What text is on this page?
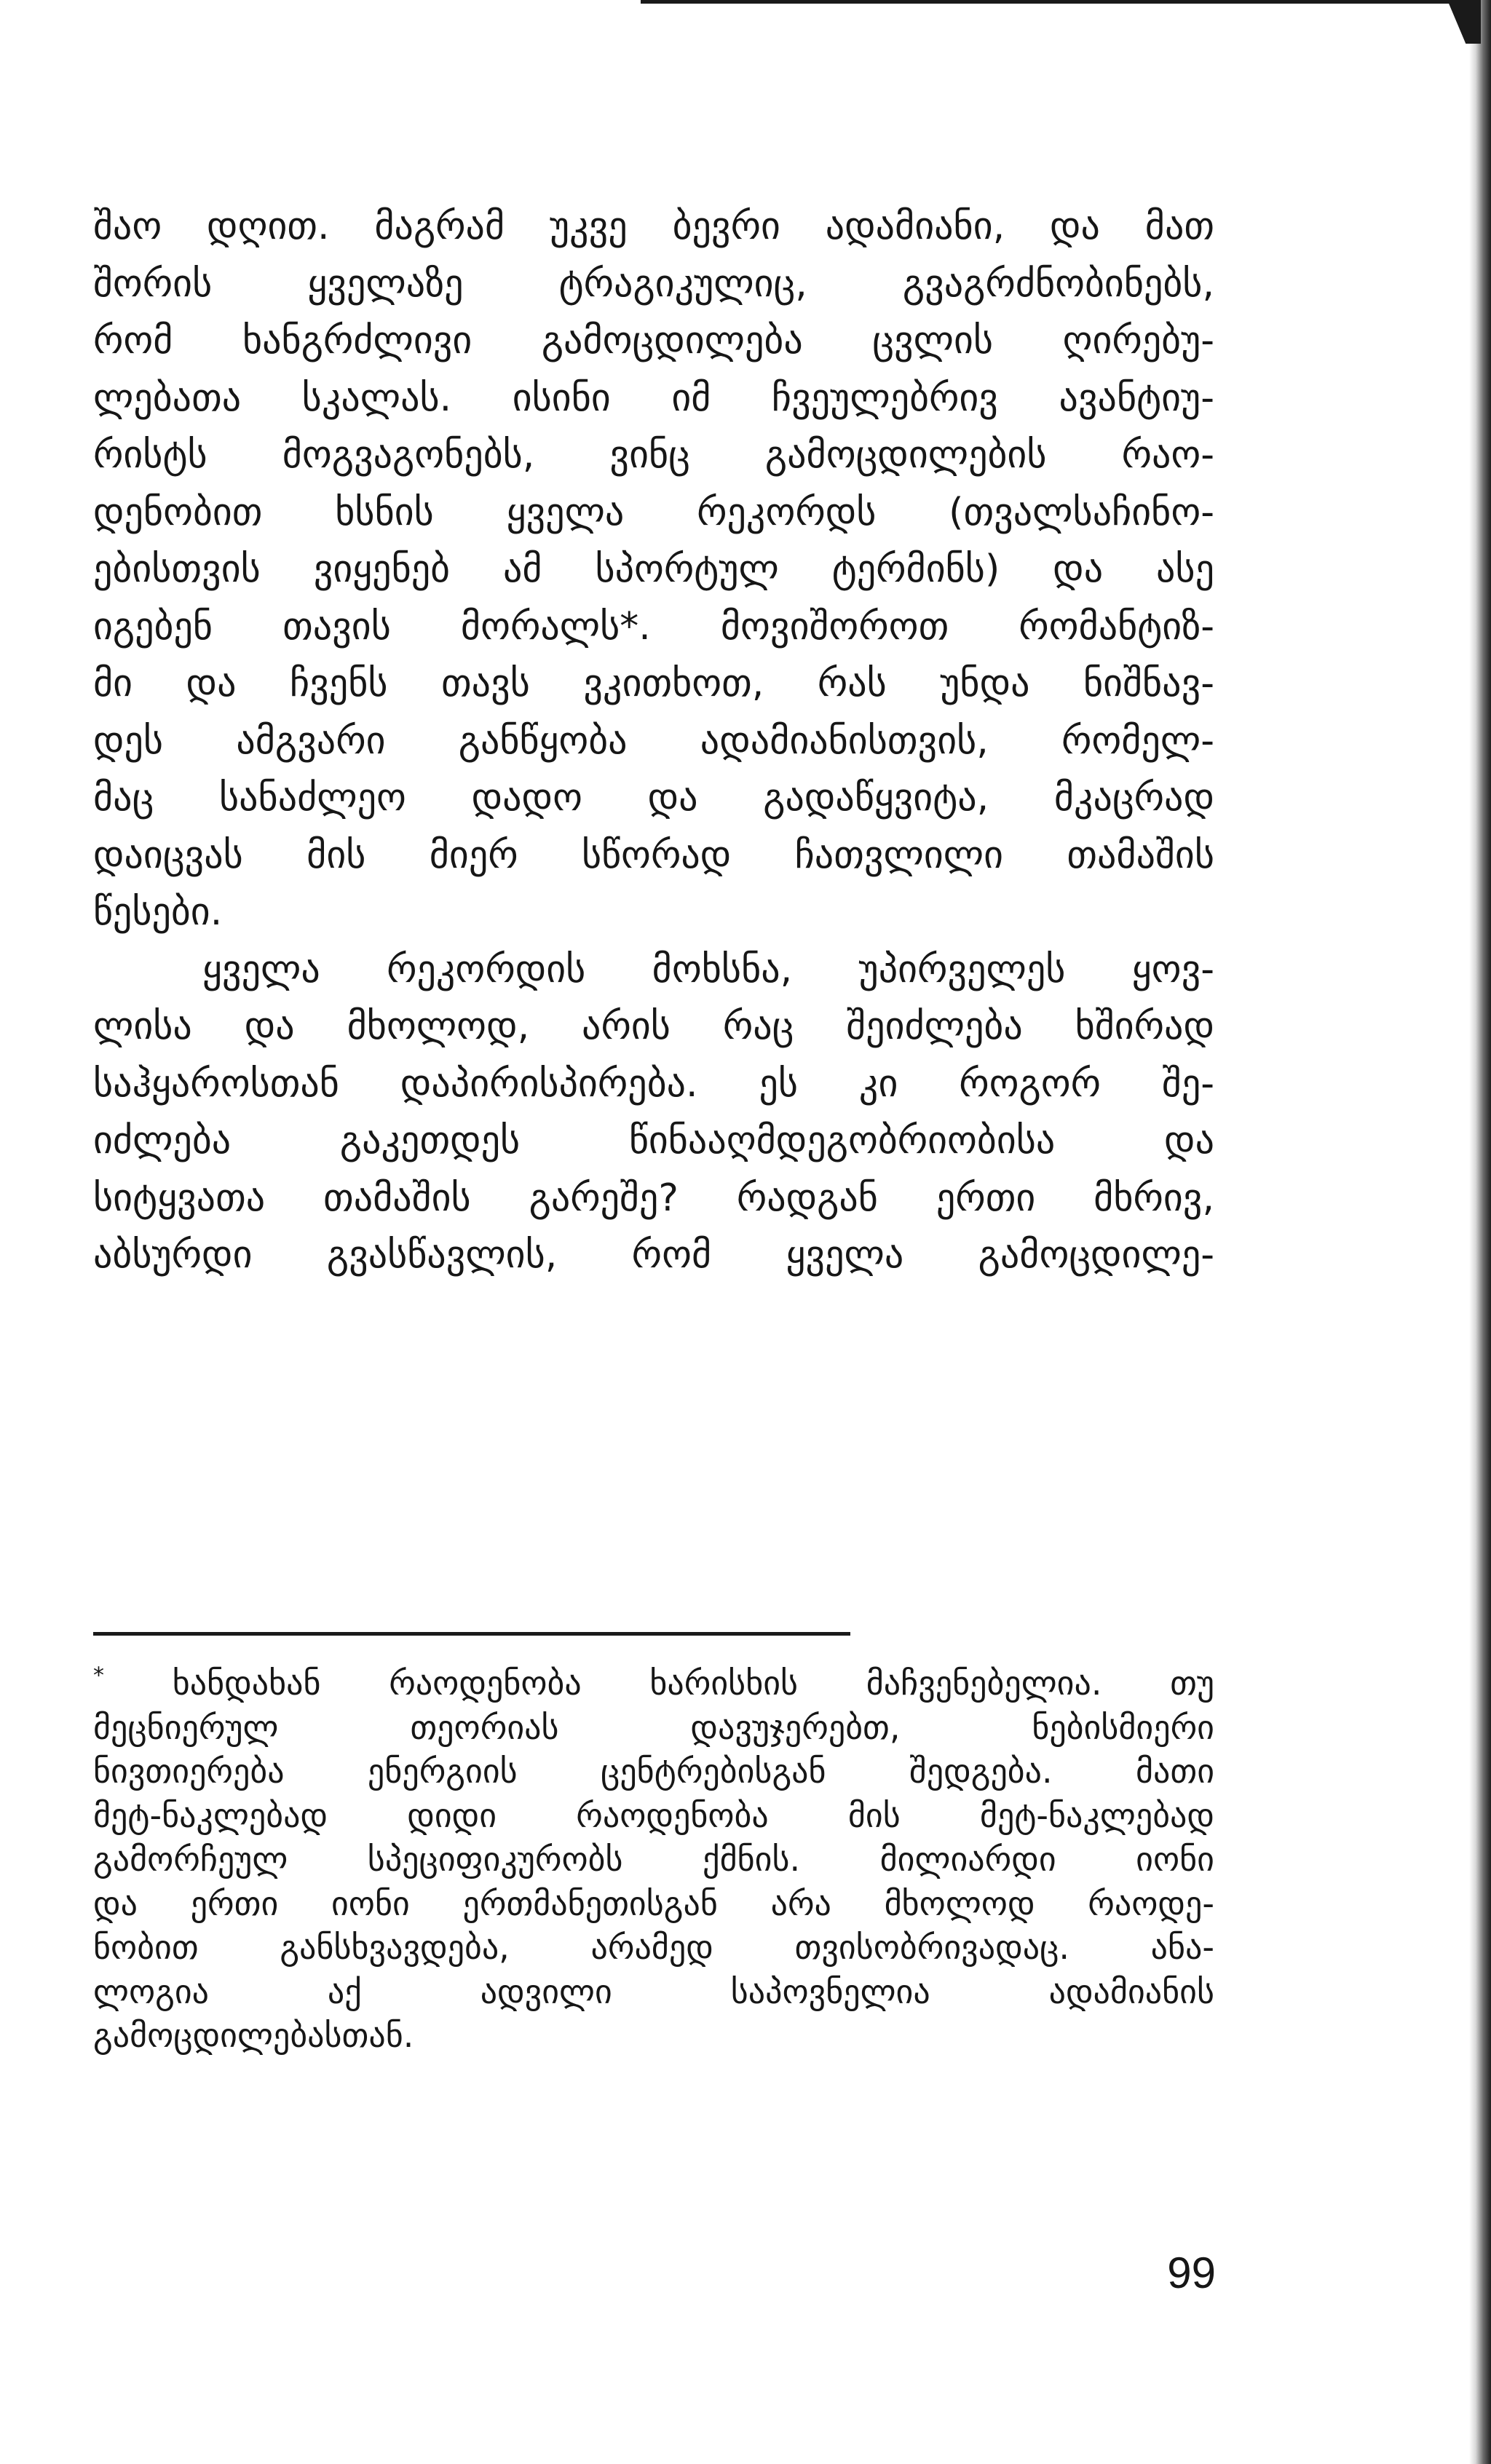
შაო დღით. მაგრამ უკვე ბევრი ადამიანი, და მათ
შორის ყველაზე ტრაგიკულიც, გვაგრძნობინებს,
რომ ხანგრძლივი გამოცდილება ცვლის ღირებუ-
ლებათა სკალას. ისინი იმ ჩვეულებრივ ავანტიუ-
რისტს მოგვაგონებს, ვინც გამოცდილების რაო-
დენობით ხსნის ყველა რეკორდს (თვალსაჩინო-
ებისთვის ვიყენებ ამ სპორტულ ტერმინს) და ასე
იგებენ თავის მორალს*. მოვიშოროთ რომანტიზ-
მი და ჩვენს თავს ვკითხოთ, რას უნდა ნიშნავ-
დეს ამგვარი განწყობა ადამიანისთვის, რომელ-
მაც სანაძლეო დადო და გადაწყვიტა, მკაცრად
დაიცვას მის მიერ სწორად ჩათვლილი თამაშის
წესები.
ყველა რეკორდის მოხსნა, უპირველეს ყოვ-
ლისა და მხოლოდ, არის რაც შეიძლება ხშირად
საჰყაროსთან დაპირისპირება. ეს კი როგორ შე-
იძლება გაკეთდეს წინააღმდეგობრიობისა და
სიტყვათა თამაშის გარეშე? რადგან ერთი მხრივ,
აბსურდი გვასწავლის, რომ ყველა გამოცდილე-
* ხანდახან რაოდენობა ხარისხის მაჩვენებელია. თუ
მეცნიერულ თეორიას დავუჯერებთ, ნებისმიერი
ნივთიერება ენერგიის ცენტრებისგან შედგება. მათი
მეტ-ნაკლებად დიდი რაოდენობა მის მეტ-ნაკლებად
გამორჩეულ სპეციფიკურობს ქმნის. მილიარდი იონი
და ერთი იონი ერთმანეთისგან არა მხოლოდ რაოდე-
ნობით განსხვავდება, არამედ თვისობრივადაც. ანა-
ლოგია აქ ადვილი საპოვნელია ადამიანის
გამოცდილებასთან.
99
